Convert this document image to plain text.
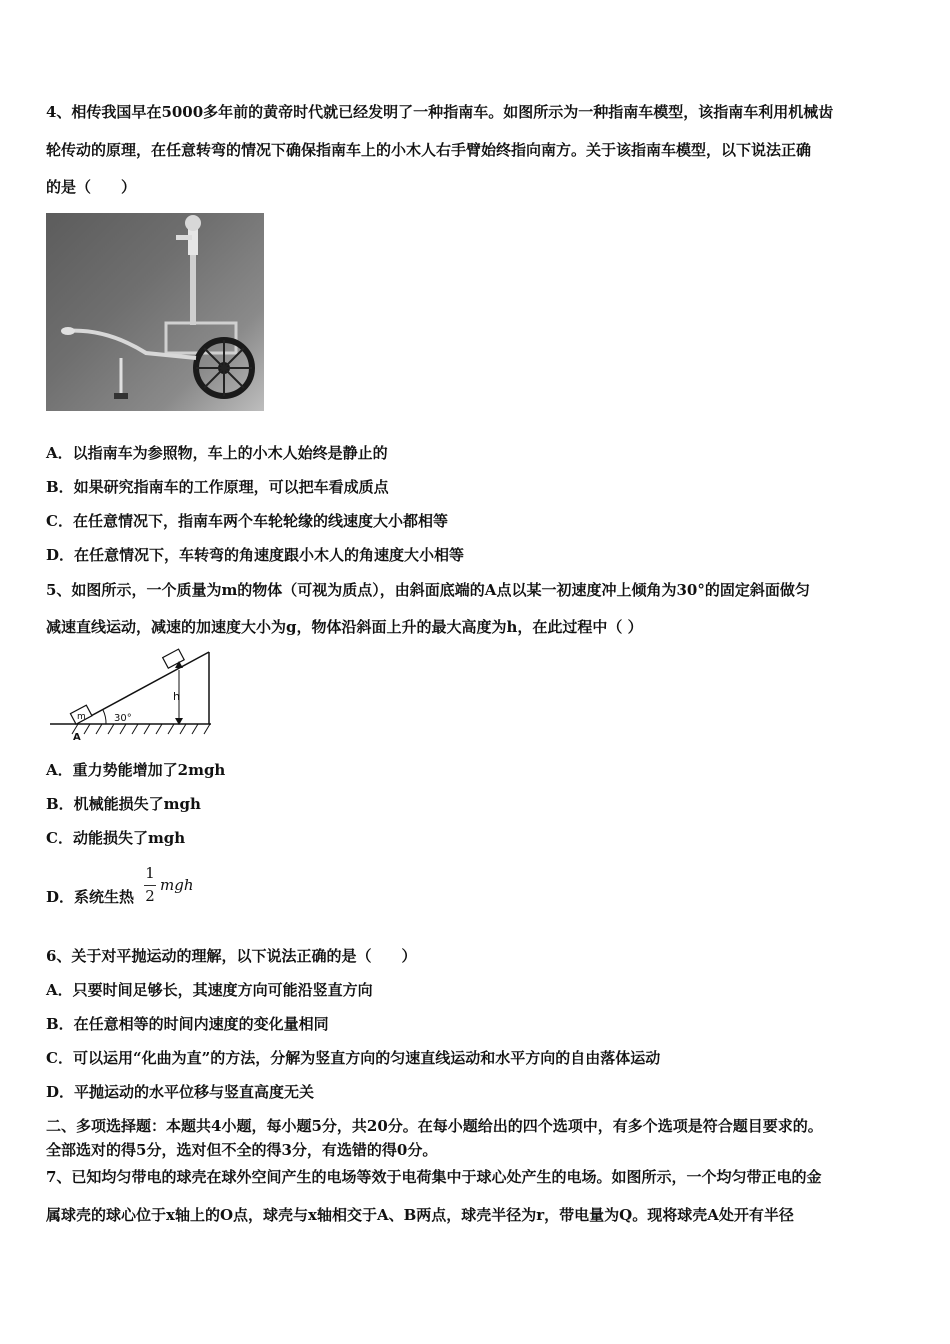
4、相传我国早在5000多年前的黄帝时代就已经发明了一种指南车。如图所示为一种指南车模型，该指南车利用机械齿
轮传动的原理，在任意转弯的情况下确保指南车上的小木人右手臂始终指向南方。关于该指南车模型，以下说法正确
的是（　　）
A．以指南车为参照物，车上的小木人始终是静止的
B．如果研究指南车的工作原理，可以把车看成质点
C．在任意情况下，指南车两个车轮轮缘的线速度大小都相等
D．在任意情况下，车转弯的角速度跟小木人的角速度大小相等
5、如图所示，一个质量为m的物体（可视为质点），由斜面底端的A点以某一初速度冲上倾角为30°的固定斜面做匀
减速直线运动，减速的加速度大小为g，物体沿斜面上升的最大高度为h，在此过程中（ ）
m
h
30°
A
A．重力势能增加了2mgh
B．机械能损失了mgh
C．动能损失了mgh
D．系统生热
1
2
mgh
6、关于对平抛运动的理解，以下说法正确的是（　　）
A．只要时间足够长，其速度方向可能沿竖直方向
B．在任意相等的时间内速度的变化量相同
C．可以运用“化曲为直”的方法，分解为竖直方向的匀速直线运动和水平方向的自由落体运动
D．平抛运动的水平位移与竖直高度无关
二、多项选择题：本题共4小题，每小题5分，共20分。在每小题给出的四个选项中，有多个选项是符合题目要求的。
全部选对的得5分，选对但不全的得3分，有选错的得0分。
7、已知均匀带电的球壳在球外空间产生的电场等效于电荷集中于球心处产生的电场。如图所示，一个均匀带正电的金
属球壳的球心位于x轴上的O点，球壳与x轴相交于A、B两点，球壳半径为r，带电量为Q。现将球壳A处开有半径
